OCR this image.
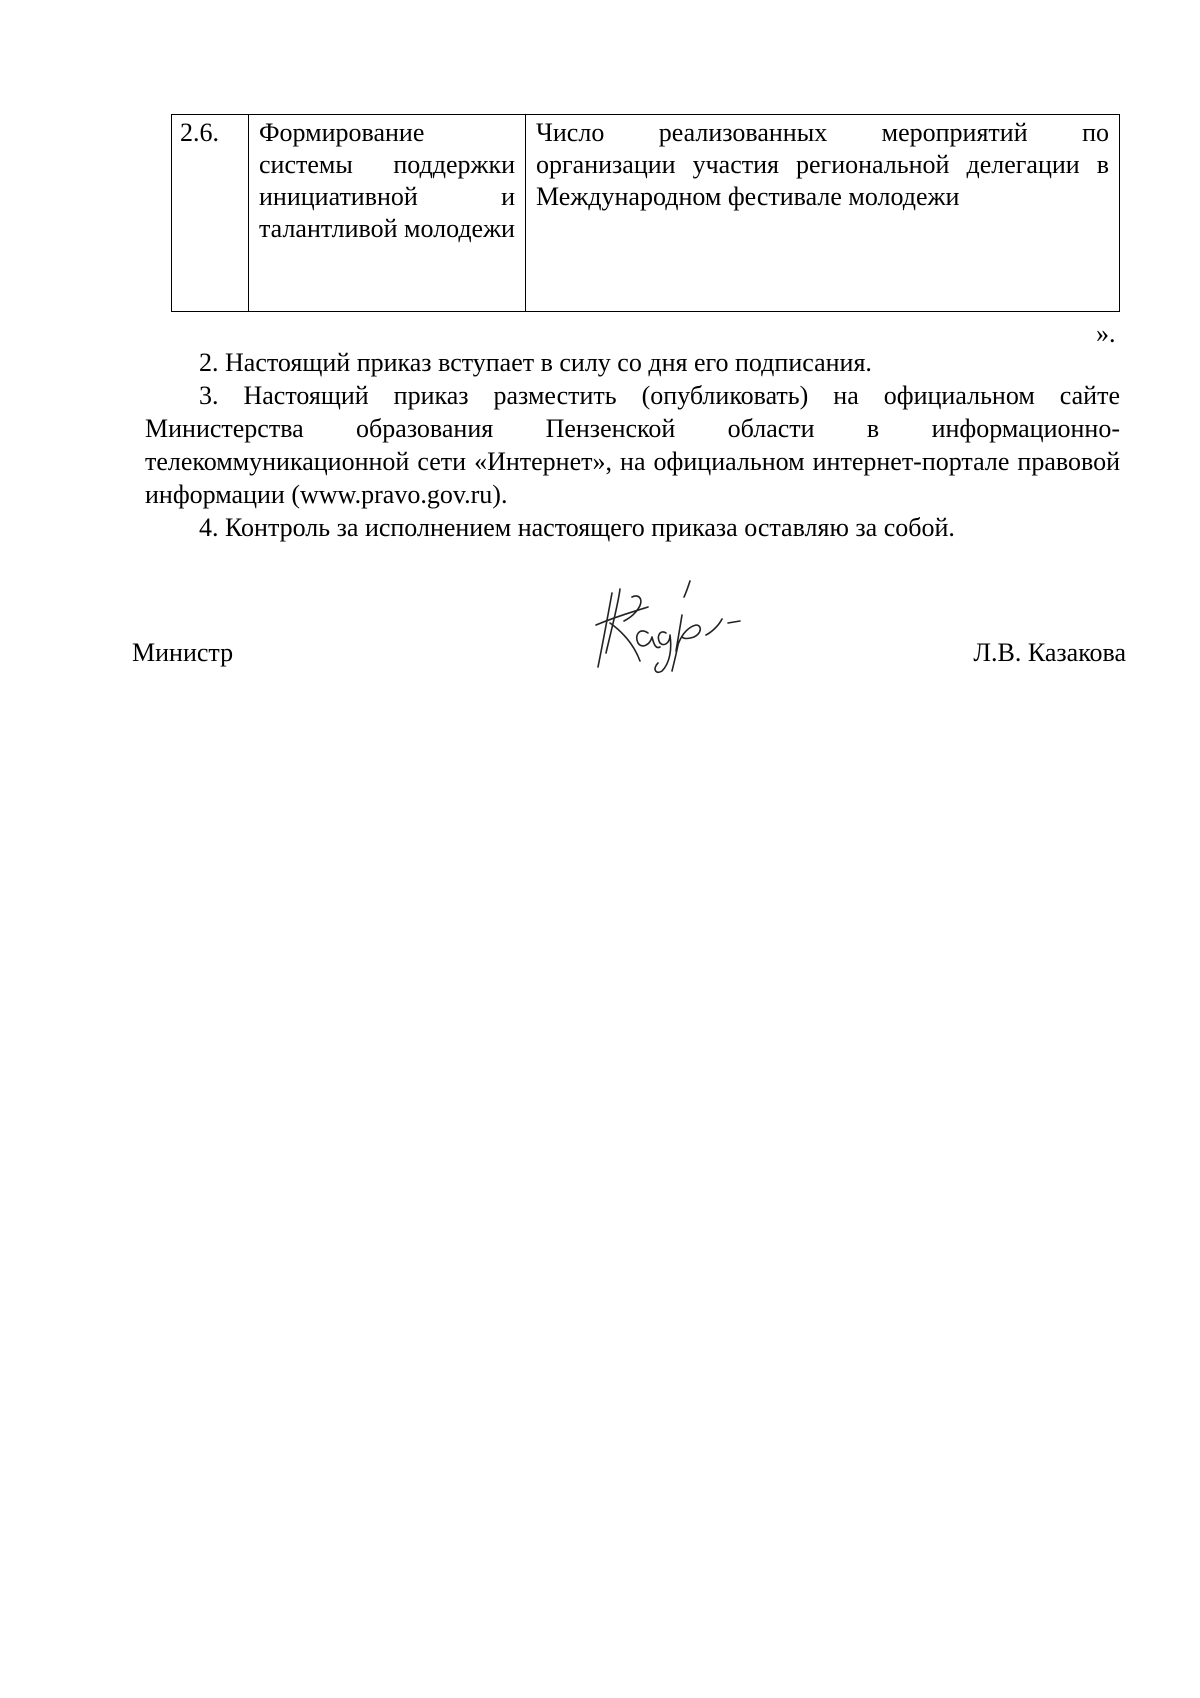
2.6.	Формирование системы поддержки инициативной и талантливой молодежи	Число реализованных мероприятий по организации участия региональной делегации в Международном фестивале молодежи
».

2. Настоящий приказ вступает в силу со дня его подписания.

3. Настоящий приказ разместить (опубликовать) на официальном сайте Министерства образования Пензенской области в информационно-телекоммуникационной сети «Интернет», на официальном интернет-портале правовой информации (www.pravo.gov.ru).

4. Контроль за исполнением настоящего приказа оставляю за собой.

Министр	Л.В. Казакова
